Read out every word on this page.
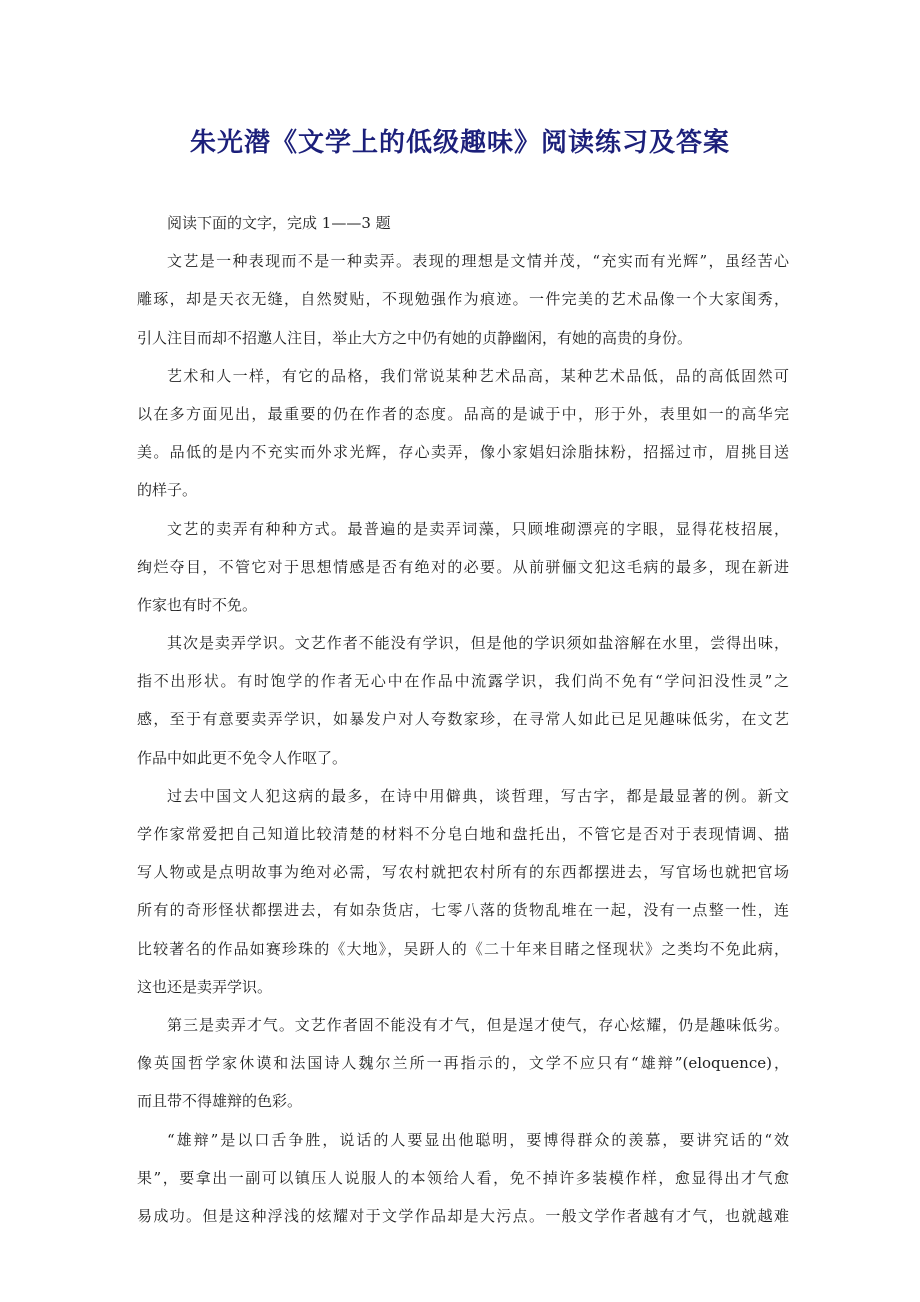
朱光潜《文学上的低级趣味》阅读练习及答案
阅读下面的文字，完成 1——3 题
文艺是一种表现而不是一种卖弄。表现的理想是文情并茂，“充实而有光辉”，虽经苦心
雕琢，却是天衣无缝，自然熨贴，不现勉强作为痕迹。一件完美的艺术品像一个大家闺秀，
引人注目而却不招邀人注目，举止大方之中仍有她的贞静幽闲，有她的高贵的身份。
艺术和人一样，有它的品格，我们常说某种艺术品高，某种艺术品低，品的高低固然可
以在多方面见出，最重要的仍在作者的态度。品高的是诚于中，形于外，表里如一的高华完
美。品低的是内不充实而外求光辉，存心卖弄，像小家娼妇涂脂抹粉，招摇过市，眉挑目送
的样子。
文艺的卖弄有种种方式。最普遍的是卖弄词藻，只顾堆砌漂亮的字眼，显得花枝招展，
绚烂夺目，不管它对于思想情感是否有绝对的必要。从前骈俪文犯这毛病的最多，现在新进
作家也有时不免。
其次是卖弄学识。文艺作者不能没有学识，但是他的学识须如盐溶解在水里，尝得出味，
指不出形状。有时饱学的作者无心中在作品中流露学识，我们尚不免有“学问汩没性灵”之
感，至于有意要卖弄学识，如暴发户对人夸数家珍，在寻常人如此已足见趣味低劣，在文艺
作品中如此更不免令人作呕了。
过去中国文人犯这病的最多，在诗中用僻典，谈哲理，写古字，都是最显著的例。新文
学作家常爱把自己知道比较清楚的材料不分皂白地和盘托出，不管它是否对于表现情调、描
写人物或是点明故事为绝对必需，写农村就把农村所有的东西都摆进去，写官场也就把官场
所有的奇形怪状都摆进去，有如杂货店，七零八落的货物乱堆在一起，没有一点整一性，连
比较著名的作品如赛珍珠的《大地》，吴趼人的《二十年来目睹之怪现状》之类均不免此病，
这也还是卖弄学识。
第三是卖弄才气。文艺作者固不能没有才气，但是逞才使气，存心炫耀，仍是趣味低劣。
像英国哲学家休谟和法国诗人魏尔兰所一再指示的，文学不应只有“雄辩”(eloquence)，
而且带不得雄辩的色彩。
“雄辩”是以口舌争胜，说话的人要显出他聪明，要博得群众的羡慕，要讲究话的“效
果”，要拿出一副可以镇压人说服人的本领给人看，免不掉许多装模作样，愈显得出才气愈
易成功。但是这种浮浅的炫耀对于文学作品却是大污点。一般文学作者越有才气，也就越难
